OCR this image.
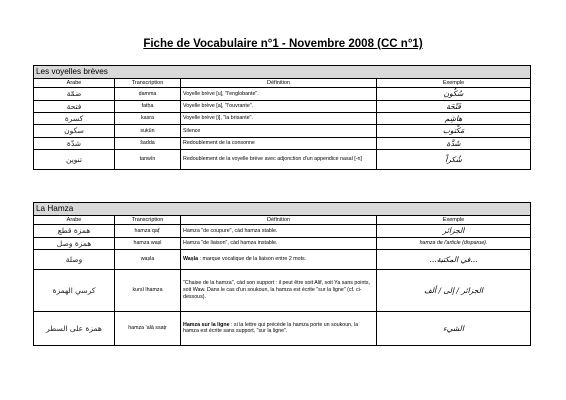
Fiche de Vocabulaire n°1 - Novembre 2008 (CC n°1)
Les voyelles brèves			
Arabe	Transcription	Définition	Exemple
ضمّة	ḍamma	Voyelle brève [u], "l'englobante".	سُكُون
فتحة	fatḥa	Voyelle brève [a], "l'ouvrante".	فَتْحَة
كسرة	kasra	Voyelle brève [i], "la brisante".	هاشِم
سكون	sukūn	Silence	مَكْتوب
شدّة	šadda	Redoublement de la consonne	شَدَّة
تنوين	tanwīn	Redoublement de la voyelle brève avec adjonction d'un appendice nasal [-n]	شُكراً
La Hamza			
Arabe	Transcription	Définition	Exemple
همزة قطع	hamza qaṭ‛	Hamza "de coupure", càd hamza stable.	الجزائر
همزة وصل	hamza waṣl	Hamza "de liaison", càd hamza instable.	hamza de l'article (disparue).
وصلة	waṣla	Waṣla : marque vocalique de la liaison entre 2 mots.	...في المكتبة...
كرسي الهمزة	kursī lhamza	"Chaise de la hamza", càd son support : il peut être soit Alif, soit Ya sans points, soit Waw. Dans le cas d'un soukoun, la hamza est écrite "sur la ligne" (cf. ci-dessous).	الجزائر / إلى / ألف
همزة على السطر	hamza ‛alā ssaṭr	Hamza sur la ligne : si la lettre qui précède la hamza porte un soukoun, la hamza est écrite sans support, "sur la ligne".	الشيء
